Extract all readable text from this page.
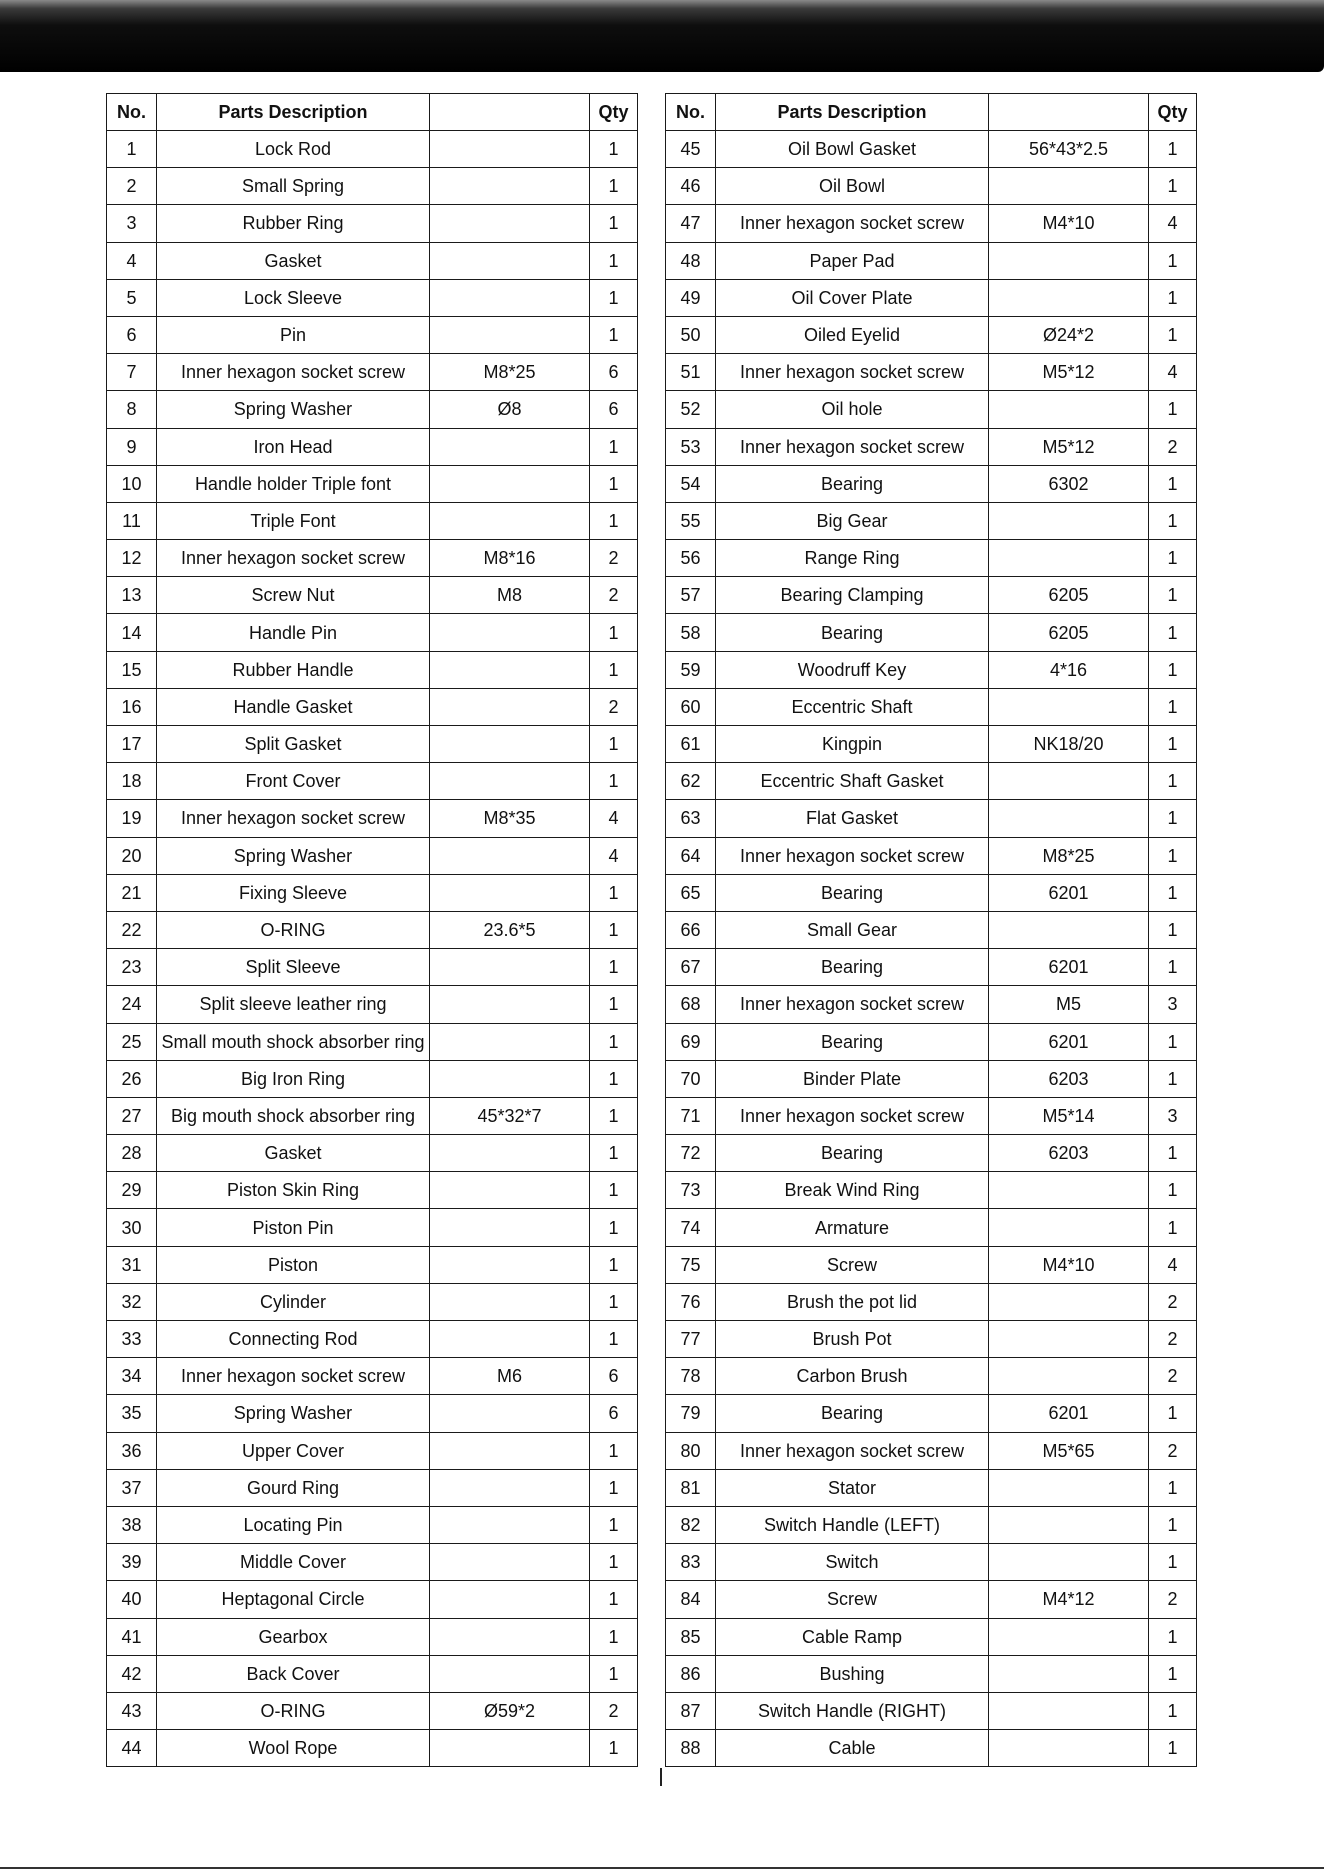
No.	Parts Description		Qty
1	Lock Rod		1
2	Small Spring		1
3	Rubber Ring		1
4	Gasket		1
5	Lock Sleeve		1
6	Pin		1
7	Inner hexagon socket screw	M8*25	6
8	Spring Washer	Ø8	6
9	Iron Head		1
10	Handle holder Triple font		1
11	Triple Font		1
12	Inner hexagon socket screw	M8*16	2
13	Screw Nut	M8	2
14	Handle Pin		1
15	Rubber Handle		1
16	Handle Gasket		2
17	Split Gasket		1
18	Front Cover		1
19	Inner hexagon socket screw	M8*35	4
20	Spring Washer		4
21	Fixing Sleeve		1
22	O-RING	23.6*5	1
23	Split Sleeve		1
24	Split sleeve leather ring		1
25	Small mouth shock absorber ring		1
26	Big Iron Ring		1
27	Big mouth shock absorber ring	45*32*7	1
28	Gasket		1
29	Piston Skin Ring		1
30	Piston Pin		1
31	Piston		1
32	Cylinder		1
33	Connecting Rod		1
34	Inner hexagon socket screw	M6	6
35	Spring Washer		6
36	Upper Cover		1
37	Gourd Ring		1
38	Locating Pin		1
39	Middle Cover		1
40	Heptagonal Circle		1
41	Gearbox		1
42	Back Cover		1
43	O-RING	Ø59*2	2
44	Wool Rope		1
No.	Parts Description		Qty
45	Oil Bowl Gasket	56*43*2.5	1
46	Oil Bowl		1
47	Inner hexagon socket screw	M4*10	4
48	Paper Pad		1
49	Oil Cover Plate		1
50	Oiled Eyelid	Ø24*2	1
51	Inner hexagon socket screw	M5*12	4
52	Oil hole		1
53	Inner hexagon socket screw	M5*12	2
54	Bearing	6302	1
55	Big Gear		1
56	Range Ring		1
57	Bearing Clamping	6205	1
58	Bearing	6205	1
59	Woodruff Key	4*16	1
60	Eccentric Shaft		1
61	Kingpin	NK18/20	1
62	Eccentric Shaft Gasket		1
63	Flat Gasket		1
64	Inner hexagon socket screw	M8*25	1
65	Bearing	6201	1
66	Small Gear		1
67	Bearing	6201	1
68	Inner hexagon socket screw	M5	3
69	Bearing	6201	1
70	Binder Plate	6203	1
71	Inner hexagon socket screw	M5*14	3
72	Bearing	6203	1
73	Break Wind Ring		1
74	Armature		1
75	Screw	M4*10	4
76	Brush the pot lid		2
77	Brush Pot		2
78	Carbon Brush		2
79	Bearing	6201	1
80	Inner hexagon socket screw	M5*65	2
81	Stator		1
82	Switch Handle (LEFT)		1
83	Switch		1
84	Screw	M4*12	2
85	Cable Ramp		1
86	Bushing		1
87	Switch Handle (RIGHT)		1
88	Cable		1
